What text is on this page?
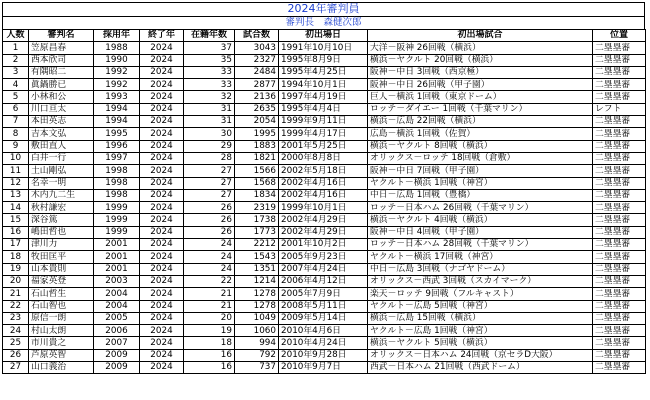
2024年審判員
審判長　森健次郎
人数	審判名	採用年	終了年	在籍年数	試合数	初出場日	初出場試合	位置
1	笠原昌春	1988	2024	37	3043	1991年10月10日	大洋－阪神 26回戦（横浜）	二塁塁審
2	西本欣司	1990	2024	35	2327	1995年8月9日	横浜－ヤクルト 20回戦（横浜）	二塁塁審
3	有隅昭二	1992	2024	33	2484	1995年4月25日	阪神－中日 3回戦（西京極）	二塁塁審
4	眞鍋勝已	1992	2024	33	2877	1994年10月1日	阪神－中日 26回戦（甲子園）	二塁塁審
5	小林和公	1993	2024	32	2136	1997年4月19日	巨人－横浜 1回戦（東京ドーム）	二塁塁審
6	川口亘太	1994	2024	31	2635	1995年4月4日	ロッテ－ダイエー 1回戦（千葉マリン）	レフト
7	本田英志	1994	2024	31	2054	1999年9月11日	横浜－広島 22回戦（横浜）	二塁塁審
8	吉本文弘	1995	2024	30	1995	1999年4月17日	広島－横浜 1回戦（佐賀）	二塁塁審
9	敷田直人	1996	2024	29	1883	2001年5月25日	横浜－ヤクルト 8回戦（横浜）	二塁塁審
10	白井一行	1997	2024	28	1821	2000年8月8日	オリックス－ロッテ 18回戦（倉敷）	二塁塁審
11	土山剛弘	1998	2024	27	1566	2002年5月18日	阪神－中日 7回戦（甲子園）	二塁塁審
12	名幸一明	1998	2024	27	1568	2002年4月16日	ヤクルト－横浜 1回戦（神宮）	二塁塁審
13	木内九二生	1998	2024	27	1834	2002年4月16日	中日－広島 1回戦（豊橋）	二塁塁審
14	秋村謙宏	1999	2024	26	2319	1999年10月1日	ロッテ－日本ハム 26回戦（千葉マリン）	二塁塁審
15	深谷篤	1999	2024	26	1738	2002年4月29日	横浜－ヤクルト 4回戦（横浜）	二塁塁審
16	嶋田哲也	1999	2024	26	1773	2002年4月29日	阪神－中日 4回戦（甲子園）	二塁塁審
17	津川力	2001	2024	24	2212	2001年10月2日	ロッテ－日本ハム 28回戦（千葉マリン）	二塁塁審
18	牧田匡平	2001	2024	24	1543	2005年9月23日	ヤクルト－横浜 17回戦（神宮）	二塁塁審
19	山本貴則	2001	2024	24	1351	2007年4月24日	中日－広島 3回戦（ナゴヤドーム）	二塁塁審
20	福家英登	2003	2024	22	1214	2006年4月12日	オリックス－西武 3回戦（スカイマーク）	二塁塁審
21	石山哲生	2004	2024	21	1278	2005年7月9日	楽天－ロッテ 9回戦（フルキャスト）	二塁塁審
22	石山智也	2004	2024	21	1278	2008年5月11日	ヤクルト－広島 5回戦（神宮）	二塁塁審
23	原信一朗	2005	2024	20	1049	2009年5月14日	横浜－広島 15回戦（横浜）	二塁塁審
24	村山太朗	2006	2024	19	1060	2010年4月6日	ヤクルト－広島 1回戦（神宮）	二塁塁審
25	市川貴之	2007	2024	18	994	2010年4月24日	横浜－ヤクルト 5回戦（横浜）	二塁塁審
26	芦原英智	2009	2024	16	792	2010年9月28日	オリックス－日本ハム 24回戦（京セラD大阪）	二塁塁審
27	山口義治	2009	2024	16	737	2010年9月7日	西武－日本ハム 21回戦（西武ドーム）	二塁塁審
